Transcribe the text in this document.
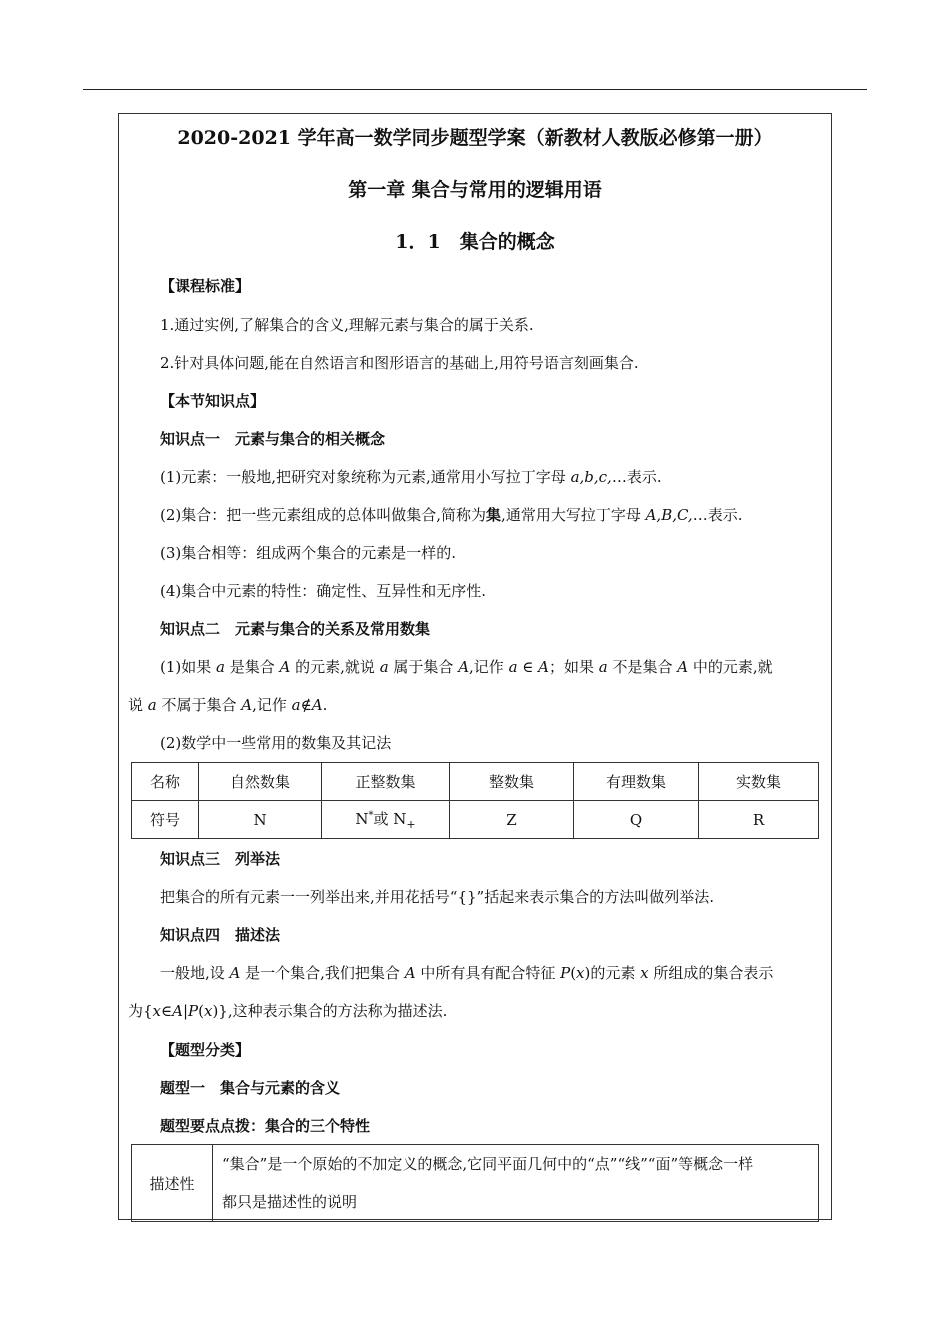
2020-2021 学年高一数学同步题型学案（新教材人教版必修第一册）
第一章 集合与常用的逻辑用语
1．1　集合的概念
【课程标准】
1.通过实例,了解集合的含义,理解元素与集合的属于关系.
2.针对具体问题,能在自然语言和图形语言的基础上,用符号语言刻画集合.
【本节知识点】
知识点一　元素与集合的相关概念
(1)元素：一般地,把研究对象统称为元素,通常用小写拉丁字母 a,b,c,…表示.
(2)集合：把一些元素组成的总体叫做集合,简称为集,通常用大写拉丁字母 A,B,C,…表示.
(3)集合相等：组成两个集合的元素是一样的.
(4)集合中元素的特性：确定性、互异性和无序性.
知识点二　元素与集合的关系及常用数集
(1)如果 a 是集合 A 的元素,就说 a 属于集合 A,记作 a ∈ A；如果 a 不是集合 A 中的元素,就
说 a 不属于集合 A,记作 a∉A.
(2)数学中一些常用的数集及其记法
名称	自然数集	正整数集	整数集	有理数集	实数集
符号	N	N*或 $N_+$	Z	Q	R
知识点三　列举法
把集合的所有元素一一列举出来,并用花括号“{}”括起来表示集合的方法叫做列举法.
知识点四　描述法
一般地,设 A 是一个集合,我们把集合 A 中所有具有配合特征 P(x)的元素 x 所组成的集合表示
为{x∈A|P(x)},这种表示集合的方法称为描述法.
【题型分类】
题型一　集合与元素的含义
题型要点点拨：集合的三个特性
描述性	
“集合”是一个原始的不加定义的概念,它同平面几何中的“点”“线”“面”等概念一样
都只是描述性的说明
